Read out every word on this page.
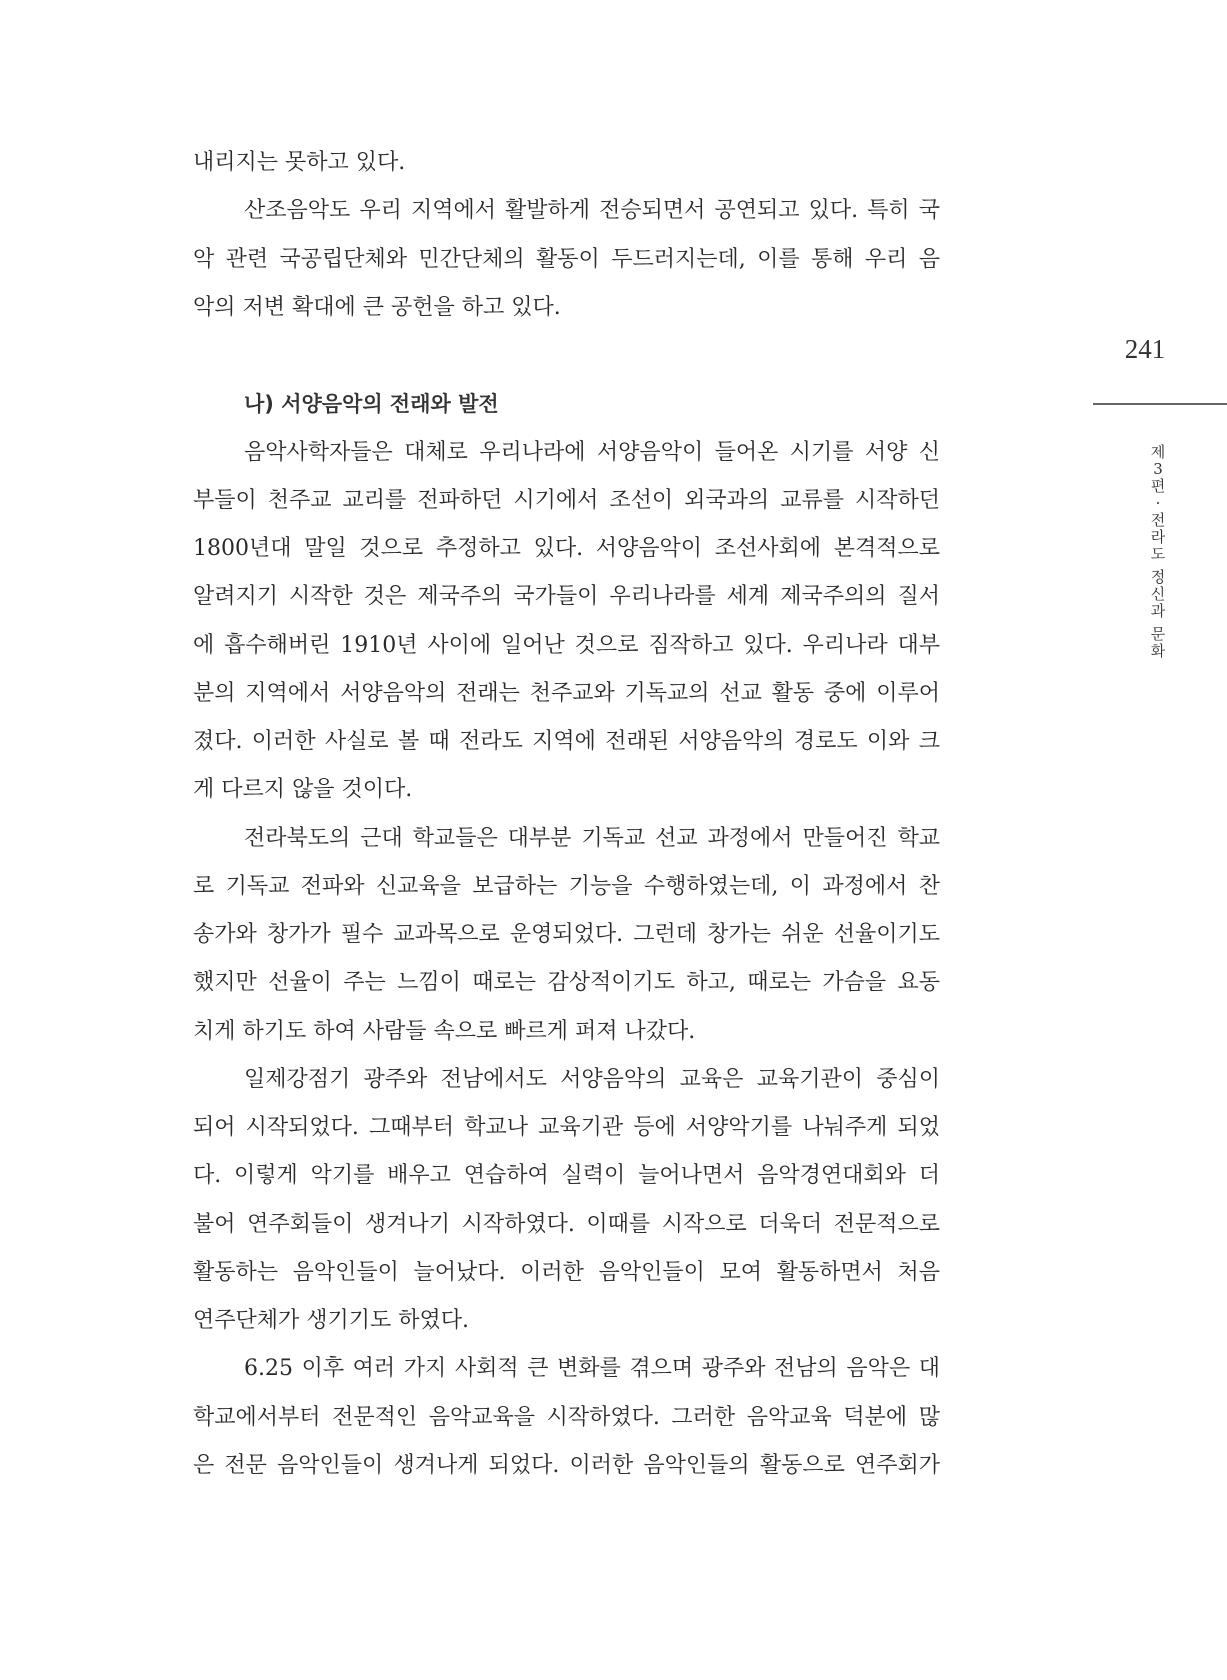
내리지는 못하고 있다.
산조음악도 우리 지역에서 활발하게 전승되면서 공연되고 있다. 특히 국
악 관련 국공립단체와 민간단체의 활동이 두드러지는데, 이를 통해 우리 음
악의 저변 확대에 큰 공헌을 하고 있다.
나) 서양음악의 전래와 발전
음악사학자들은 대체로 우리나라에 서양음악이 들어온 시기를 서양 신
부들이 천주교 교리를 전파하던 시기에서 조선이 외국과의 교류를 시작하던
1800년대 말일 것으로 추정하고 있다. 서양음악이 조선사회에 본격적으로
알려지기 시작한 것은 제국주의 국가들이 우리나라를 세계 제국주의의 질서
에 흡수해버린 1910년 사이에 일어난 것으로 짐작하고 있다. 우리나라 대부
분의 지역에서 서양음악의 전래는 천주교와 기독교의 선교 활동 중에 이루어
졌다. 이러한 사실로 볼 때 전라도 지역에 전래된 서양음악의 경로도 이와 크
게 다르지 않을 것이다.
전라북도의 근대 학교들은 대부분 기독교 선교 과정에서 만들어진 학교
로 기독교 전파와 신교육을 보급하는 기능을 수행하였는데, 이 과정에서 찬
송가와 창가가 필수 교과목으로 운영되었다. 그런데 창가는 쉬운 선율이기도
했지만 선율이 주는 느낌이 때로는 감상적이기도 하고, 때로는 가슴을 요동
치게 하기도 하여 사람들 속으로 빠르게 퍼져 나갔다.
일제강점기 광주와 전남에서도 서양음악의 교육은 교육기관이 중심이
되어 시작되었다. 그때부터 학교나 교육기관 등에 서양악기를 나눠주게 되었
다. 이렇게 악기를 배우고 연습하여 실력이 늘어나면서 음악경연대회와 더
불어 연주회들이 생겨나기 시작하였다. 이때를 시작으로 더욱더 전문적으로
활동하는 음악인들이 늘어났다. 이러한 음악인들이 모여 활동하면서 처음
연주단체가 생기기도 하였다.
6.25 이후 여러 가지 사회적 큰 변화를 겪으며 광주와 전남의 음악은 대
학교에서부터 전문적인 음악교육을 시작하였다. 그러한 음악교육 덕분에 많
은 전문 음악인들이 생겨나게 되었다. 이러한 음악인들의 활동으로 연주회가
241
제
3
편
·
전
라
도
정
신
과
문
화
